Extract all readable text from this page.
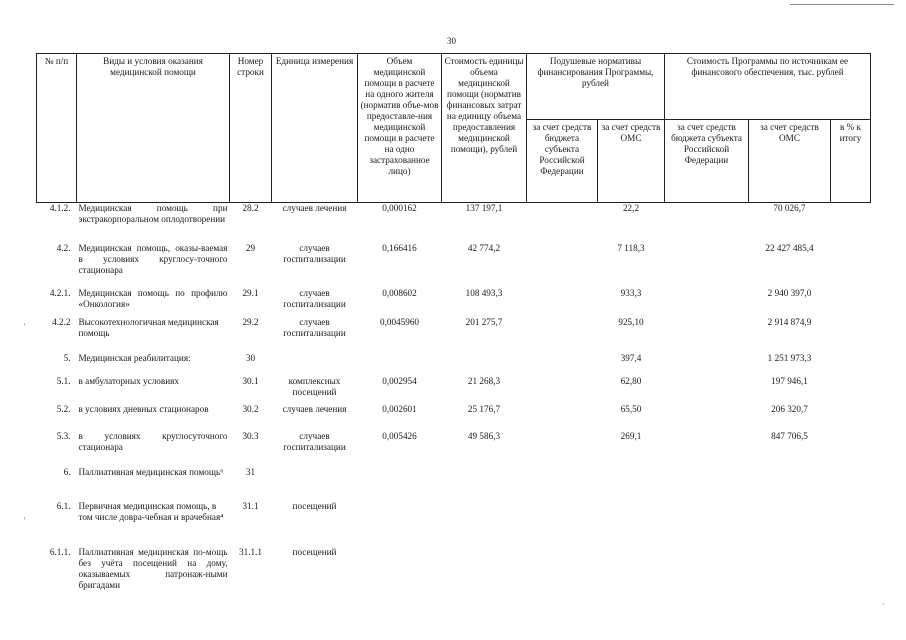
30
№ п/п	Виды и условия оказания медицинской помощи	Номер строки	Единица измерения	Объем медицинской помощи в расчете на одного жителя (норматив объе-мов предоставле-ния медицинской помощи в расчете на одно застрахованное лицо)	Стоимость единицы объема медицинской помощи (норматив финансовых затрат на единицу объема предоставления медицинской помощи), рублей	Подушевые нормативы финансирования Программы, рублей		Стоимость Программы по источникам ее финансового обеспечения, тыс. рублей		
						за счет средств бюджета субъекта Российской Федерации	за счет средств ОМС	за счет средств бюджета субъекта Российской Федерации	за счет средств ОМС	в % к итогу
4.1.2.	Медицинская помощь при экстракорпоральном оплодотворении	28.2	случаев лечения	0,000162	137 197,1		22,2		70 026,7	
4.2.	Медицинская помощь, оказы-ваемая в условиях круглосу-точного стационара	29	случаев госпитализации	0,166416	42 774,2		7 118,3		22 427 485,4	
4.2.1.	Медицинская помощь по профилю «Онкология»	29.1	случаев госпитализации	0,008602	108 493,3		933,3		2 940 397,0	
4.2.2	Высокотехнологичная медицинская помощь	29.2	случаев госпитализации	0,0045960	201 275,7		925,10		2 914 874,9	
5.	Медицинская реабилитация:	30					397,4		1 251 973,3	
5.1.	в амбулаторных условиях	30.1	комплексных посещений	0,002954	21 268,3		62,80		197 946,1	
5.2.	в условиях дневных стационаров	30.2	случаев лечения	0,002601	25 176,7		65,50		206 320,7	
5.3.	в условиях круглосуточного стационара	30.3	случаев госпитализации	0,005426	49 586,3		269,1		847 706,5	
6.	Паллиативная медицинская помощь⁶	31								
6.1.	Первичная медицинская помощь, в том числе довра-чебная и врачебная⁴	31.1	посещений							
6.1.1.	Паллиативная медицинская по-мощь без учёта посещений на дому, оказываемых патронаж-ными бригадами	31.1.1	посещений							
'
'
·
